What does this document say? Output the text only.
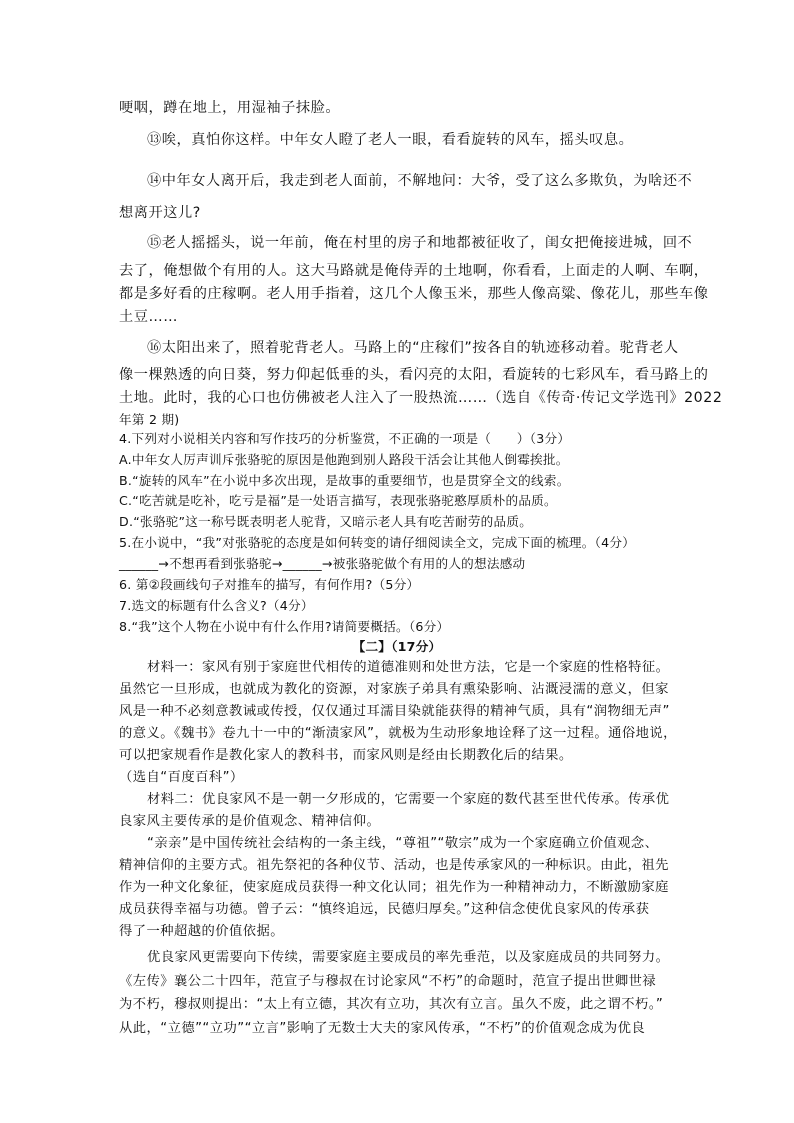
哽咽，蹲在地上，用湿袖子抹脸。

⑬唉，真怕你这样。中年女人瞪了老人一眼，看看旋转的风车，摇头叹息。

⑭中年女人离开后，我走到老人面前，不解地问：大爷，受了这么多欺负，为啥还不

想离开这儿?

⑮老人摇摇头，说一年前，俺在村里的房子和地都被征收了，闺女把俺接进城，回不

去了，俺想做个有用的人。这大马路就是俺侍弄的土地啊，你看看，上面走的人啊、车啊，

都是多好看的庄稼啊。老人用手指着，这几个人像玉米，那些人像高粱、像花儿，那些车像

土豆……

⑯太阳出来了，照着驼背老人。马路上的“庄稼们”按各自的轨迹移动着。驼背老人

像一棵熟透的向日葵，努力仰起低垂的头，看闪亮的太阳，看旋转的七彩风车，看马路上的

土地。此时，我的心口也仿佛被老人注入了一股热流……（选自《传奇·传记文学选刊》2022

年第 2 期)

4.下列对小说相关内容和写作技巧的分析鉴赏，不正确的一项是（　　）（3分）

A.中年女人厉声训斥张骆驼的原因是他跑到别人路段干活会让其他人倒霉挨批。

B.“旋转的风车”在小说中多次出现，是故事的重要细节，也是贯穿全文的线索。

C.“吃苦就是吃补，吃亏是福”是一处语言描写，表现张骆驼憨厚质朴的品质。

D.“张骆驼”这一称号既表明老人驼背，又暗示老人具有吃苦耐劳的品质。

5.在小说中，“我”对张骆驼的态度是如何转变的请仔细阅读全文，完成下面的梳理。（4分）

______→不想再看到张骆驼→______→被张骆驼做个有用的人的想法感动

6. 第②段画线句子对推车的描写，有何作用?（5分）

7.选文的标题有什么含义?（4分）

8.“我”这个人物在小说中有什么作用?请简要概括。（6分）

【二】（17分）

材料一：家风有别于家庭世代相传的道德准则和处世方法，它是一个家庭的性格特征。

虽然它一旦形成，也就成为教化的资源，对家族子弟具有熏染影响、沾溉浸濡的意义，但家

风是一种不必刻意教诫或传授，仅仅通过耳濡目染就能获得的精神气质，具有“润物细无声”

的意义。《魏书》卷九十一中的“渐渍家风”，就极为生动形象地诠释了这一过程。通俗地说，

可以把家规看作是教化家人的教科书，而家风则是经由长期教化后的结果。

（选自“百度百科”）

材料二：优良家风不是一朝一夕形成的，它需要一个家庭的数代甚至世代传承。传承优

良家风主要传承的是价值观念、精神信仰。

“亲亲”是中国传统社会结构的一条主线，“尊祖”“敬宗”成为一个家庭确立价值观念、

精神信仰的主要方式。祖先祭祀的各种仪节、活动，也是传承家风的一种标识。由此，祖先

作为一种文化象征，使家庭成员获得一种文化认同；祖先作为一种精神动力，不断激励家庭

成员获得幸福与功德。曾子云：“慎终追远，民德归厚矣。”这种信念使优良家风的传承获

得了一种超越的价值依据。

优良家风更需要向下传续，需要家庭主要成员的率先垂范，以及家庭成员的共同努力。

《左传》襄公二十四年，范宣子与穆叔在讨论家风“不朽”的命题时，范宣子提出世卿世禄

为不朽，穆叔则提出：“太上有立德，其次有立功，其次有立言。虽久不废，此之谓不朽。”

从此，“立德”“立功”“立言”影响了无数士大夫的家风传承，“不朽”的价值观念成为优良
